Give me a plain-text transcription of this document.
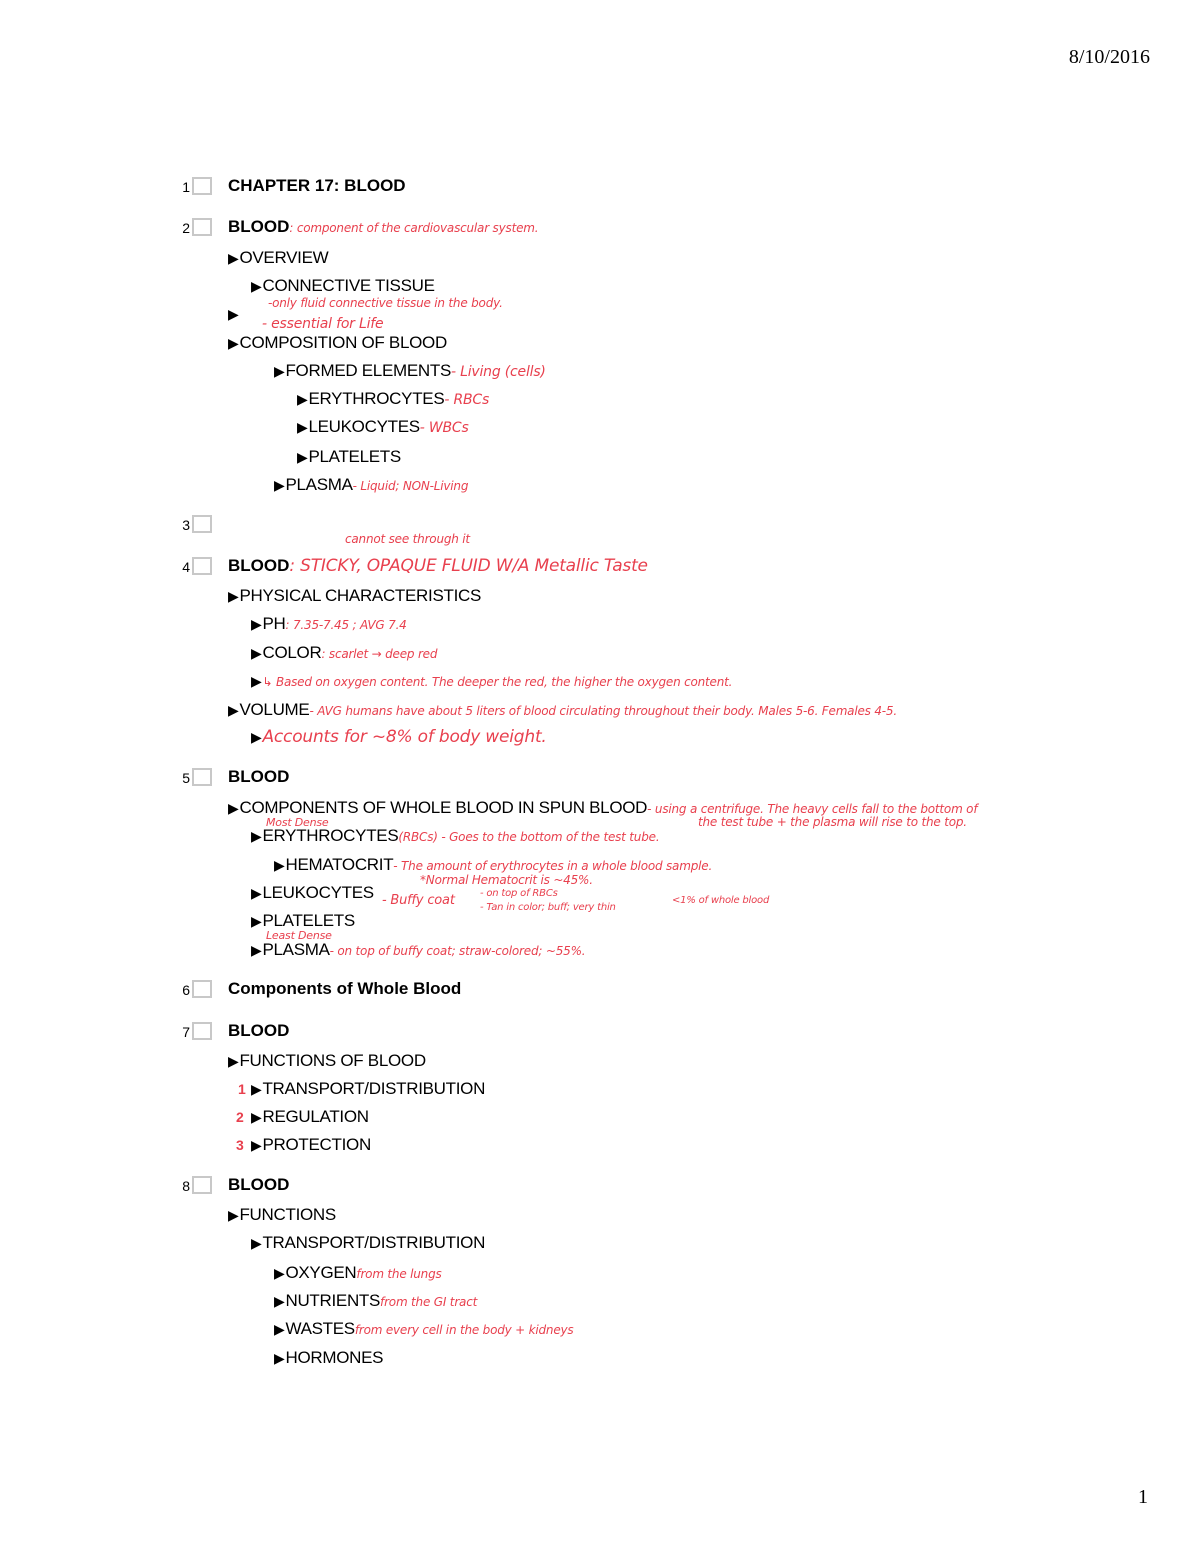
8/10/2016
1 CHAPTER 17: BLOOD
2 BLOOD: component of the cardiovascular system.
▶OVERVIEW
▶CONNECTIVE TISSUE
-only fluid connective tissue in the body.
▶
- essential for Life
▶COMPOSITION OF BLOOD
▶FORMED ELEMENTS- Living (cells)
▶ERYTHROCYTES- RBCs
▶LEUKOCYTES- WBCs
▶PLATELETS
▶PLASMA- Liquid; NON-Living
3
cannot see through it
4 BLOOD: STICKY, OPAQUE FLUID W/A Metallic Taste
▶PHYSICAL CHARACTERISTICS
▶PH: 7.35-7.45 ; AVG 7.4
▶COLOR: scarlet → deep red
▶↳ Based on oxygen content. The deeper the red, the higher the oxygen content.
▶VOLUME- AVG humans have about 5 liters of blood circulating throughout their body. Males 5-6. Females 4-5.
▶Accounts for ~8% of body weight.
5 BLOOD
▶COMPONENTS OF WHOLE BLOOD IN SPUN BLOOD- using a centrifuge. The heavy cells fall to the bottom of
the test tube + the plasma will rise to the top.
Most Dense
▶ERYTHROCYTES(RBCs) - Goes to the bottom of the test tube.
▶HEMATOCRIT- The amount of erythrocytes in a whole blood sample.
*Normal Hematocrit is ~45%.
▶LEUKOCYTES - Buffy coat	- on top of RBCs
- Tan in color; buff; very thin
<1% of whole blood
▶PLATELETS
Least Dense
▶PLASMA- on top of buffy coat; straw-colored; ~55%.
6 Components of Whole Blood
7 BLOOD
▶FUNCTIONS OF BLOOD
1 ▶TRANSPORT/DISTRIBUTION
2 ▶REGULATION
3 ▶PROTECTION
8 BLOOD
▶FUNCTIONS
▶TRANSPORT/DISTRIBUTION
▶OXYGENfrom the lungs
▶NUTRIENTSfrom the GI tract
▶WASTESfrom every cell in the body + kidneys
▶HORMONES
1
